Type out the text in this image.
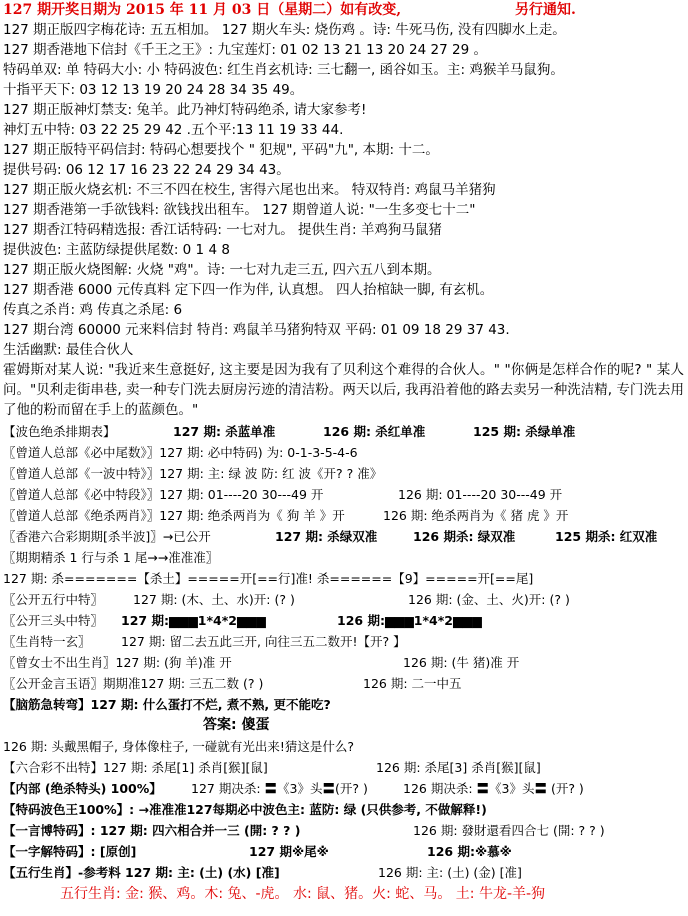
127 期开奖日期为 2015 年 11 月 03 日（星期二）如有改变,	另行通知.
127 期正版四字梅花诗: 五五相加。 127 期火车头: 烧伤鸡 。诗: 牛死马伤, 没有四脚水上走。
127 期香港地下信封《千王之王》: 九宝莲灯: 01 02 13 21 13 20 24 27 29 。
特码单双: 单 特码大小: 小 特码波色: 红生肖玄机诗: 三七翻一, 函谷如玉。主: 鸡猴羊马鼠狗。
十指平天下: 03 12 13 19 20 24 28 34 35 49。
127 期正版神灯禁支: 兔羊。此乃神灯特码绝杀, 请大家参考!
神灯五中特: 03 22 25 29 42 .五个平:13 11 19 33 44.
127 期正版特平码信封: 特码心想要找个 " 犯规", 平码"九", 本期: 十二。
提供号码: 06 12 17 16 23 22 24 29 34 43。
127 期正版火烧玄机: 不三不四在校生, 害得六尾也出来。 特双特肖: 鸡鼠马羊猪狗
127 期香港第一手欲钱料: 欲钱找出租车。 127 期曾道人说: "一生多变七十二"
127 期香江特码精选报: 香江话特码: 一七对九。 提供生肖: 羊鸡狗马鼠猪
提供波色: 主蓝防绿提供尾数: 0 1 4 8
127 期正版火烧图解: 火烧 "鸡"。诗: 一七对九走三五, 四六五八到本期。
127 期香港 6000 元传真料 定下四一作为伴, 认真想。 四人抬棺缺一脚, 有玄机。
传真之杀肖: 鸡 传真之杀尾: 6
127 期台湾 60000 元来料信封 特肖: 鸡鼠羊马猪狗特双 平码: 01 09 18 29 37 43.
生活幽默: 最佳合伙人
霍姆斯对某人说: "我近来生意挺好, 这主要是因为我有了贝利这个难得的合伙人。" "你俩是怎样合作的呢? " 某人问。"贝利走街串巷, 卖一种专门洗去厨房污迹的清洁粉。两天以后, 我再沿着他的路去卖另一种洗洁精, 专门洗去用了他的粉而留在手上的蓝颜色。"
【波色绝杀排期表】	127 期: 杀蓝单准	126 期: 杀红单准	125 期: 杀绿单准
〖曾道人总部《必中尾数》〗127 期: 必中特码) 为: 0-1-3-5-4-6
〖曾道人总部《一波中特》〗127 期: 主: 绿 波 防: 红 波《开? ? 准》
〖曾道人总部《必中特段》〗127 期: 01----20 30---49 开	126 期: 01----20 30---49 开
〖曾道人总部《绝杀两肖》〗127 期: 绝杀两肖为《 狗 羊 》开	126 期: 绝杀两肖为《 猪 虎 》开
〖香港六合彩期期[杀半波]〗→已公开	127 期: 杀绿双准	126 期杀: 绿双准	125 期杀: 红双准
〖期期精杀 1 行与杀 1 尾→→准准准〗
127 期: 杀=======【杀土】=====开[==行]准! 杀======【9】=====开[==尾]
〖公开五行中特〗 127 期: (木、土、水)开: (? )	126 期: (金、土、火)开: (? )
〖公开三头中特〗 127 期:▆▆▆1*4*2▆▆▆	126 期:▆▆▆1*4*2▆▆▆
〖生肖特一玄〗 127 期: 留二去五此三开, 向往三五二数开!【开? 】
〖曾女士不出生肖〗127 期: (狗 羊)准 开	126 期: (牛 猪)准 开
〖公开金言玉语〗期期准127 期: 三五二数 (? )	126 期: 二一中五
【脑筋急转弯】127 期: 什么蛋打不烂, 煮不熟, 更不能吃?
答案: 傻蛋
126 期: 头戴黑帽子, 身体像柱子, 一碰就有光出来!猜这是什么?
【六合彩不出特】127 期: 杀尾[1] 杀肖[猴][鼠]	126 期: 杀尾[3] 杀肖[猴][鼠]
【内部 (绝杀特头) 100%】 127 期决杀: 〓《3》头〓(开? )	126 期决杀: 〓《3》头〓 (开? )
【特码波色王100%】: →准准准127每期必中波色主: 蓝防: 绿 (只供参考, 不做解释!)
【一言博特码】: 127 期: 四六相合并一三 (開: ? ? )	126 期: 發財還看四合七 (開: ? ? )
【一字解特码】: [原创]	127 期※尾※	126 期:※慕※
【五行生肖】-参考料 127 期: 主: (土) (水) [准]	126 期: 主: (土) (金) [准]
五行生肖: 金: 猴、鸡。木: 兔、-虎。 水: 鼠、猪。火: 蛇、马。 土: 牛龙-羊-狗
